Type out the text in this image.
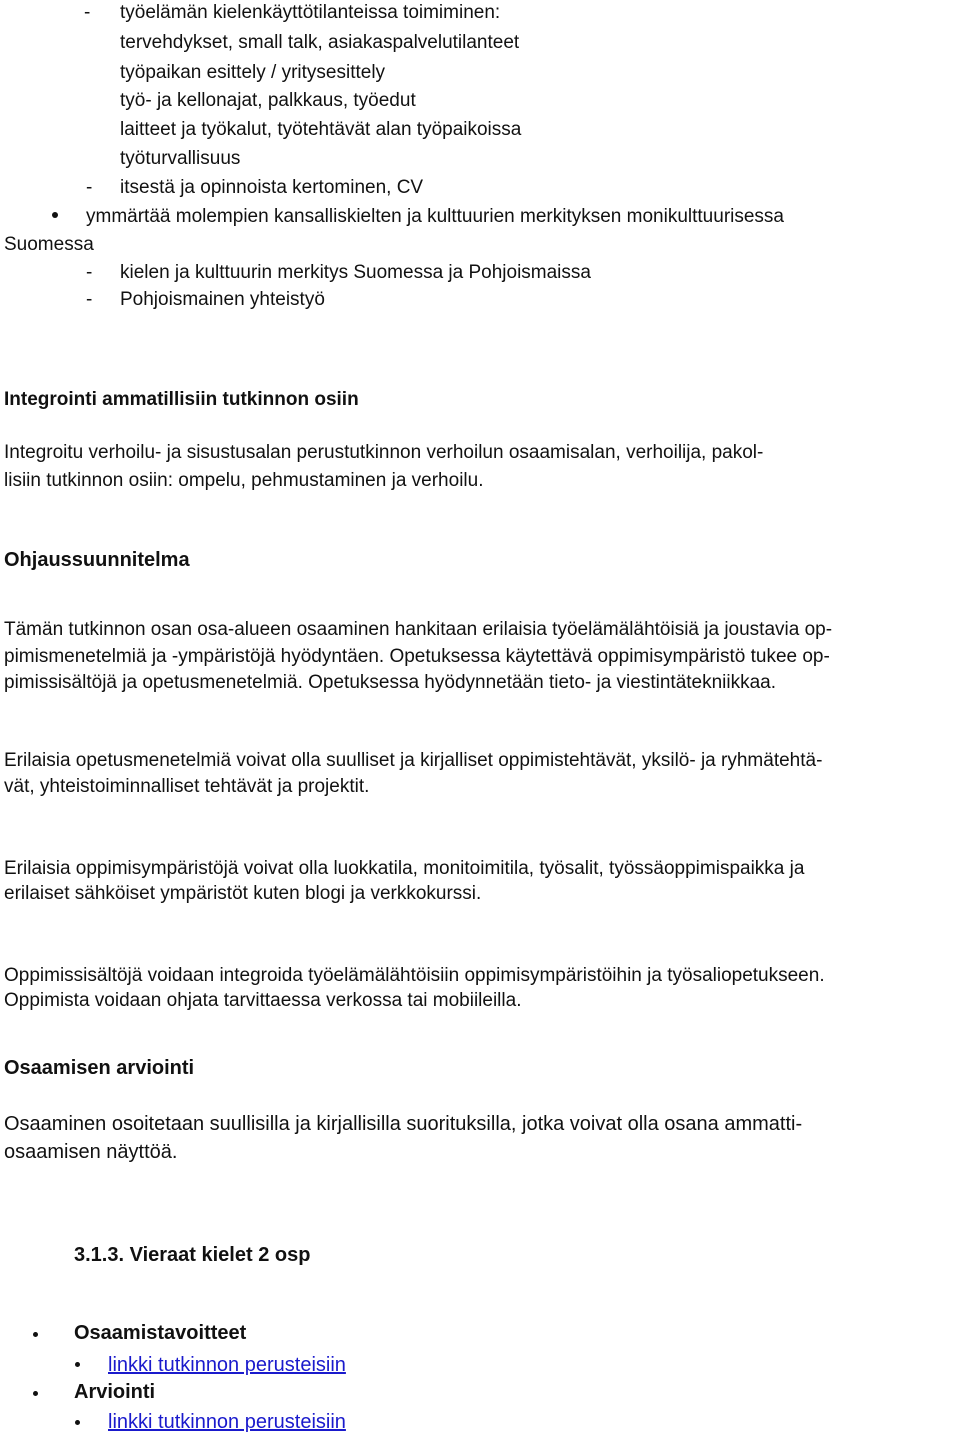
- työelämän kielenkäyttötilanteissa toimiminen:
tervehdykset, small talk, asiakaspalvelutilanteet
työpaikan esittely / yritysesittely
työ- ja kellonajat, palkkaus, työedut
laitteet ja työkalut, työtehtävät alan työpaikoissa
työturvallisuus
- itsestä ja opinnoista kertominen, CV
ymmärtää molempien kansalliskielten ja kulttuurien merkityksen monikulttuurisessa
Suomessa
- kielen ja kulttuurin merkitys Suomessa ja Pohjoismaissa
- Pohjoismainen yhteistyö
Integrointi ammatillisiin tutkinnon osiin
Integroitu verhoilu- ja sisustusalan perustutkinnon verhoilun osaamisalan, verhoilija, pakol-
lisiin tutkinnon osiin: ompelu, pehmustaminen ja verhoilu.
Ohjaussuunnitelma
Tämän tutkinnon osan osa-alueen osaaminen hankitaan erilaisia työelämälähtöisiä ja joustavia op-
pimismenetelmiä ja -ympäristöjä hyödyntäen. Opetuksessa käytettävä oppimisympäristö tukee op-
pimissisältöjä ja opetusmenetelmiä. Opetuksessa hyödynnetään tieto- ja viestintätekniikkaa.
Erilaisia opetusmenetelmiä voivat olla suulliset ja kirjalliset oppimistehtävät, yksilö- ja ryhmätehtä-
vät, yhteistoiminnalliset tehtävät ja projektit.
Erilaisia oppimisympäristöjä voivat olla luokkatila, monitoimitila, työsalit, työssäoppimispaikka ja
erilaiset sähköiset ympäristöt kuten blogi ja verkkokurssi.
Oppimissisältöjä voidaan integroida työelämälähtöisiin oppimisympäristöihin ja työsaliopetukseen.
Oppimista voidaan ohjata tarvittaessa verkossa tai mobiileilla.
Osaamisen arviointi
Osaaminen osoitetaan suullisilla ja kirjallisilla suorituksilla, jotka voivat olla osana ammatti-
osaamisen näyttöä.
3.1.3. Vieraat kielet 2 osp
Osaamistavoitteet
linkki tutkinnon perusteisiin
Arviointi
linkki tutkinnon perusteisiin
